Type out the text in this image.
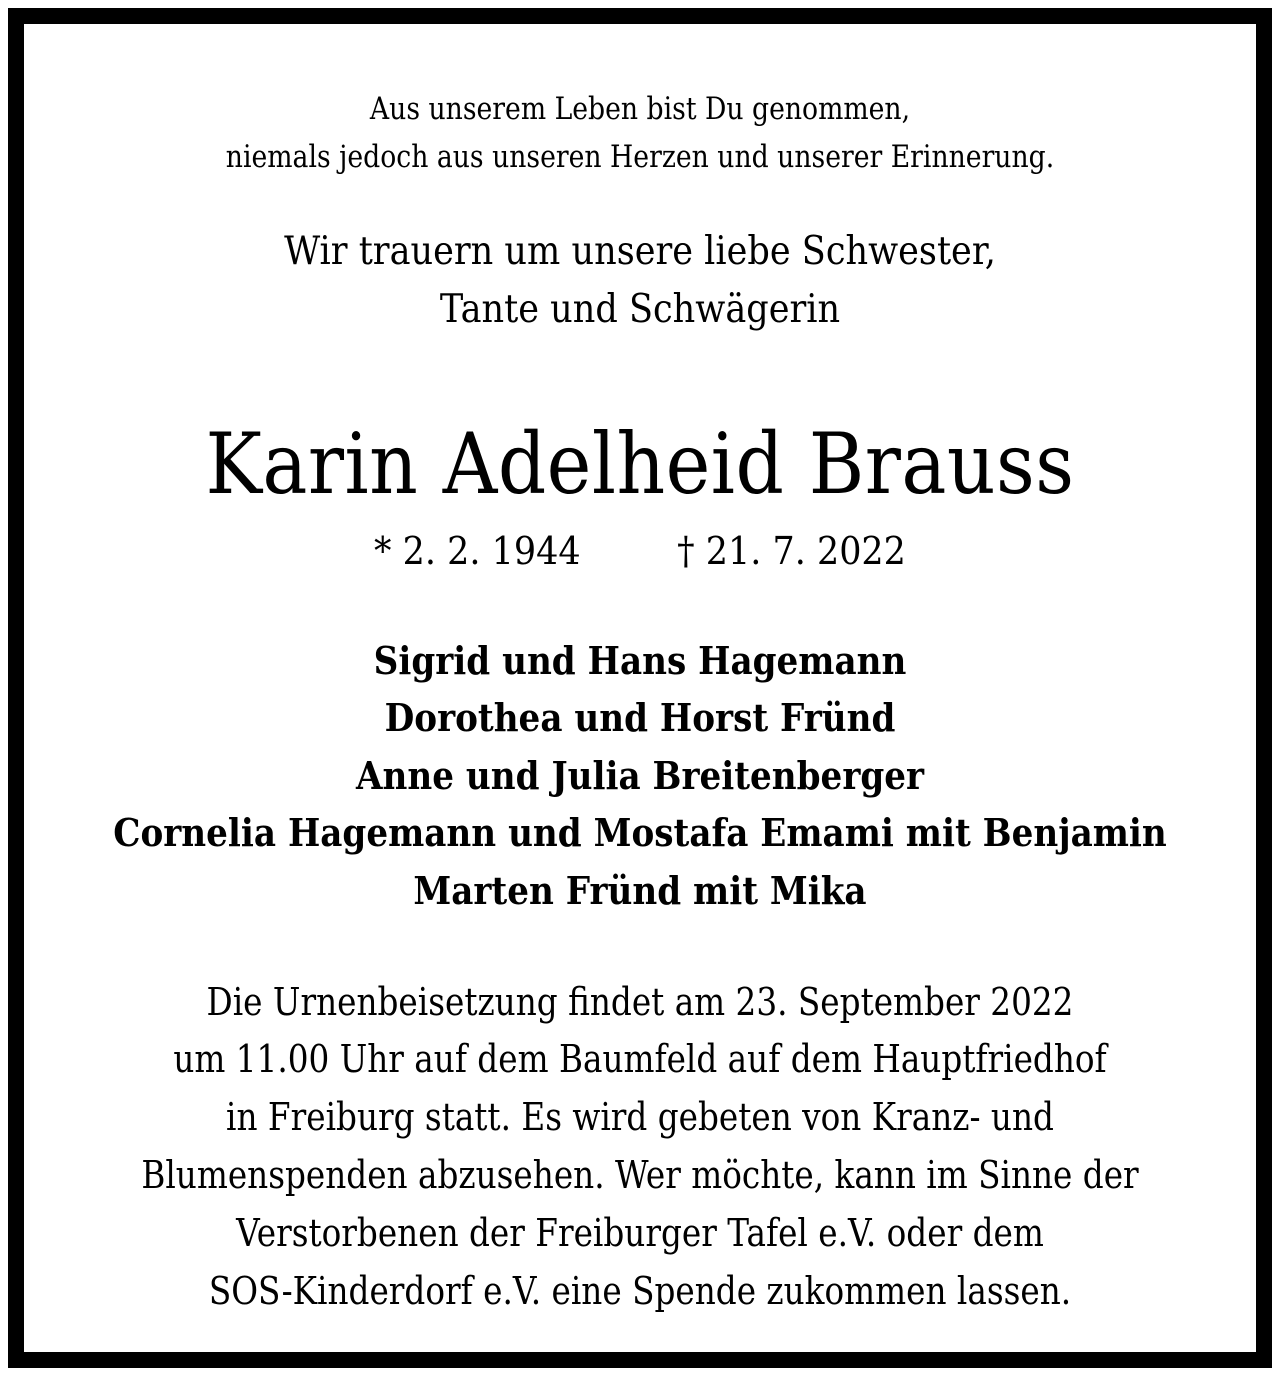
Aus unserem Leben bist Du genommen,
niemals jedoch aus unseren Herzen und unserer Erinnerung.
Wir trauern um unsere liebe Schwester,
Tante und Schwägerin
Karin Adelheid Brauss
* 2. 2. 1944	† 21. 7. 2022
Sigrid und Hans Hagemann
Dorothea und Horst Fründ
Anne und Julia Breitenberger
Cornelia Hagemann und Mostafa Emami mit Benjamin
Marten Fründ mit Mika
Die Urnenbeisetzung findet am 23. September 2022
um 11.00 Uhr auf dem Baumfeld auf dem Hauptfriedhof
in Freiburg statt. Es wird gebeten von Kranz- und
Blumenspenden abzusehen. Wer möchte, kann im Sinne der
Verstorbenen der Freiburger Tafel e.V. oder dem
SOS-Kinderdorf e.V. eine Spende zukommen lassen.
